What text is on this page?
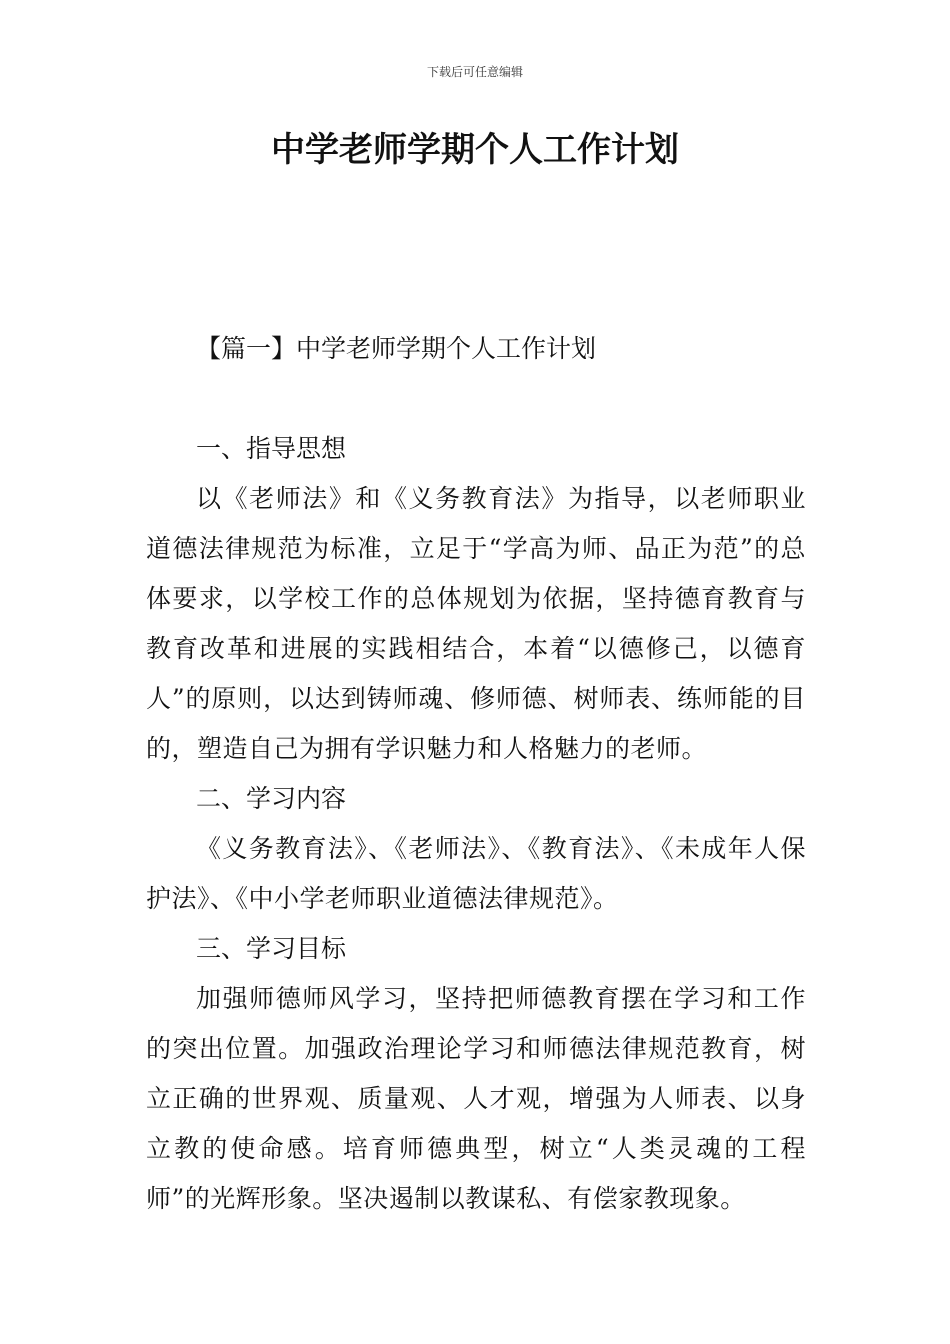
下载后可任意编辑
中学老师学期个人工作计划
【篇一】中学老师学期个人工作计划

一、指导思想

以《老师法》和《义务教育法》为指导，以老师职业道德法律规范为标准，立足于“学高为师、品正为范”的总体要求，以学校工作的总体规划为依据，坚持德育教育与教育改革和进展的实践相结合，本着“以德修己，以德育人”的原则，以达到铸师魂、修师德、树师表、练师能的目的，塑造自己为拥有学识魅力和人格魅力的老师。

二、学习内容

《义务教育法》、《老师法》、《教育法》、《未成年人保护法》、《中小学老师职业道德法律规范》。

三、学习目标

加强师德师风学习，坚持把师德教育摆在学习和工作的突出位置。加强政治理论学习和师德法律规范教育，树立正确的世界观、质量观、人才观，增强为人师表、以身立教的使命感。培育师德典型，树立“人类灵魂的工程师”的光辉形象。坚决遏制以教谋私、有偿家教现象。
